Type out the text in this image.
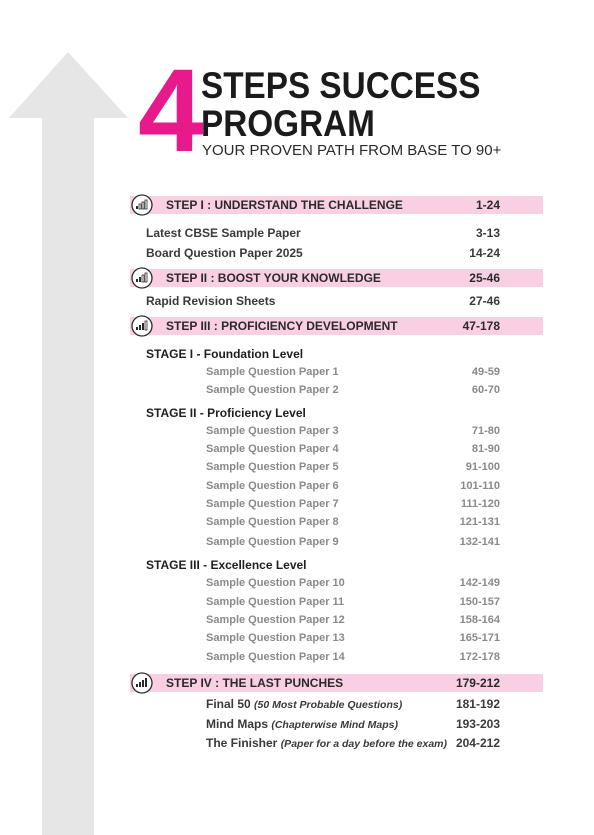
4 STEPS SUCCESS
PROGRAM
YOUR PROVEN PATH FROM BASE TO 90+
STEP I : UNDERSTAND THE CHALLENGE	1-24
Latest CBSE Sample Paper	3-13
Board Question Paper 2025	14-24
STEP II : BOOST YOUR KNOWLEDGE	25-46
Rapid Revision Sheets	27-46
STEP III : PROFICIENCY DEVELOPMENT	47-178
STAGE I - Foundation Level
Sample Question Paper 1	49-59
Sample Question Paper 2	60-70
STAGE II - Proficiency Level
Sample Question Paper 3	71-80
Sample Question Paper 4	81-90
Sample Question Paper 5	91-100
Sample Question Paper 6	101-110
Sample Question Paper 7	111-120
Sample Question Paper 8	121-131
Sample Question Paper 9	132-141
STAGE III - Excellence Level
Sample Question Paper 10	142-149
Sample Question Paper 11	150-157
Sample Question Paper 12	158-164
Sample Question Paper 13	165-171
Sample Question Paper 14	172-178
STEP IV : THE LAST PUNCHES	179-212
Final 50 (50 Most Probable Questions)	181-192
Mind Maps (Chapterwise Mind Maps)	193-203
The Finisher (Paper for a day before the exam) 204-212
